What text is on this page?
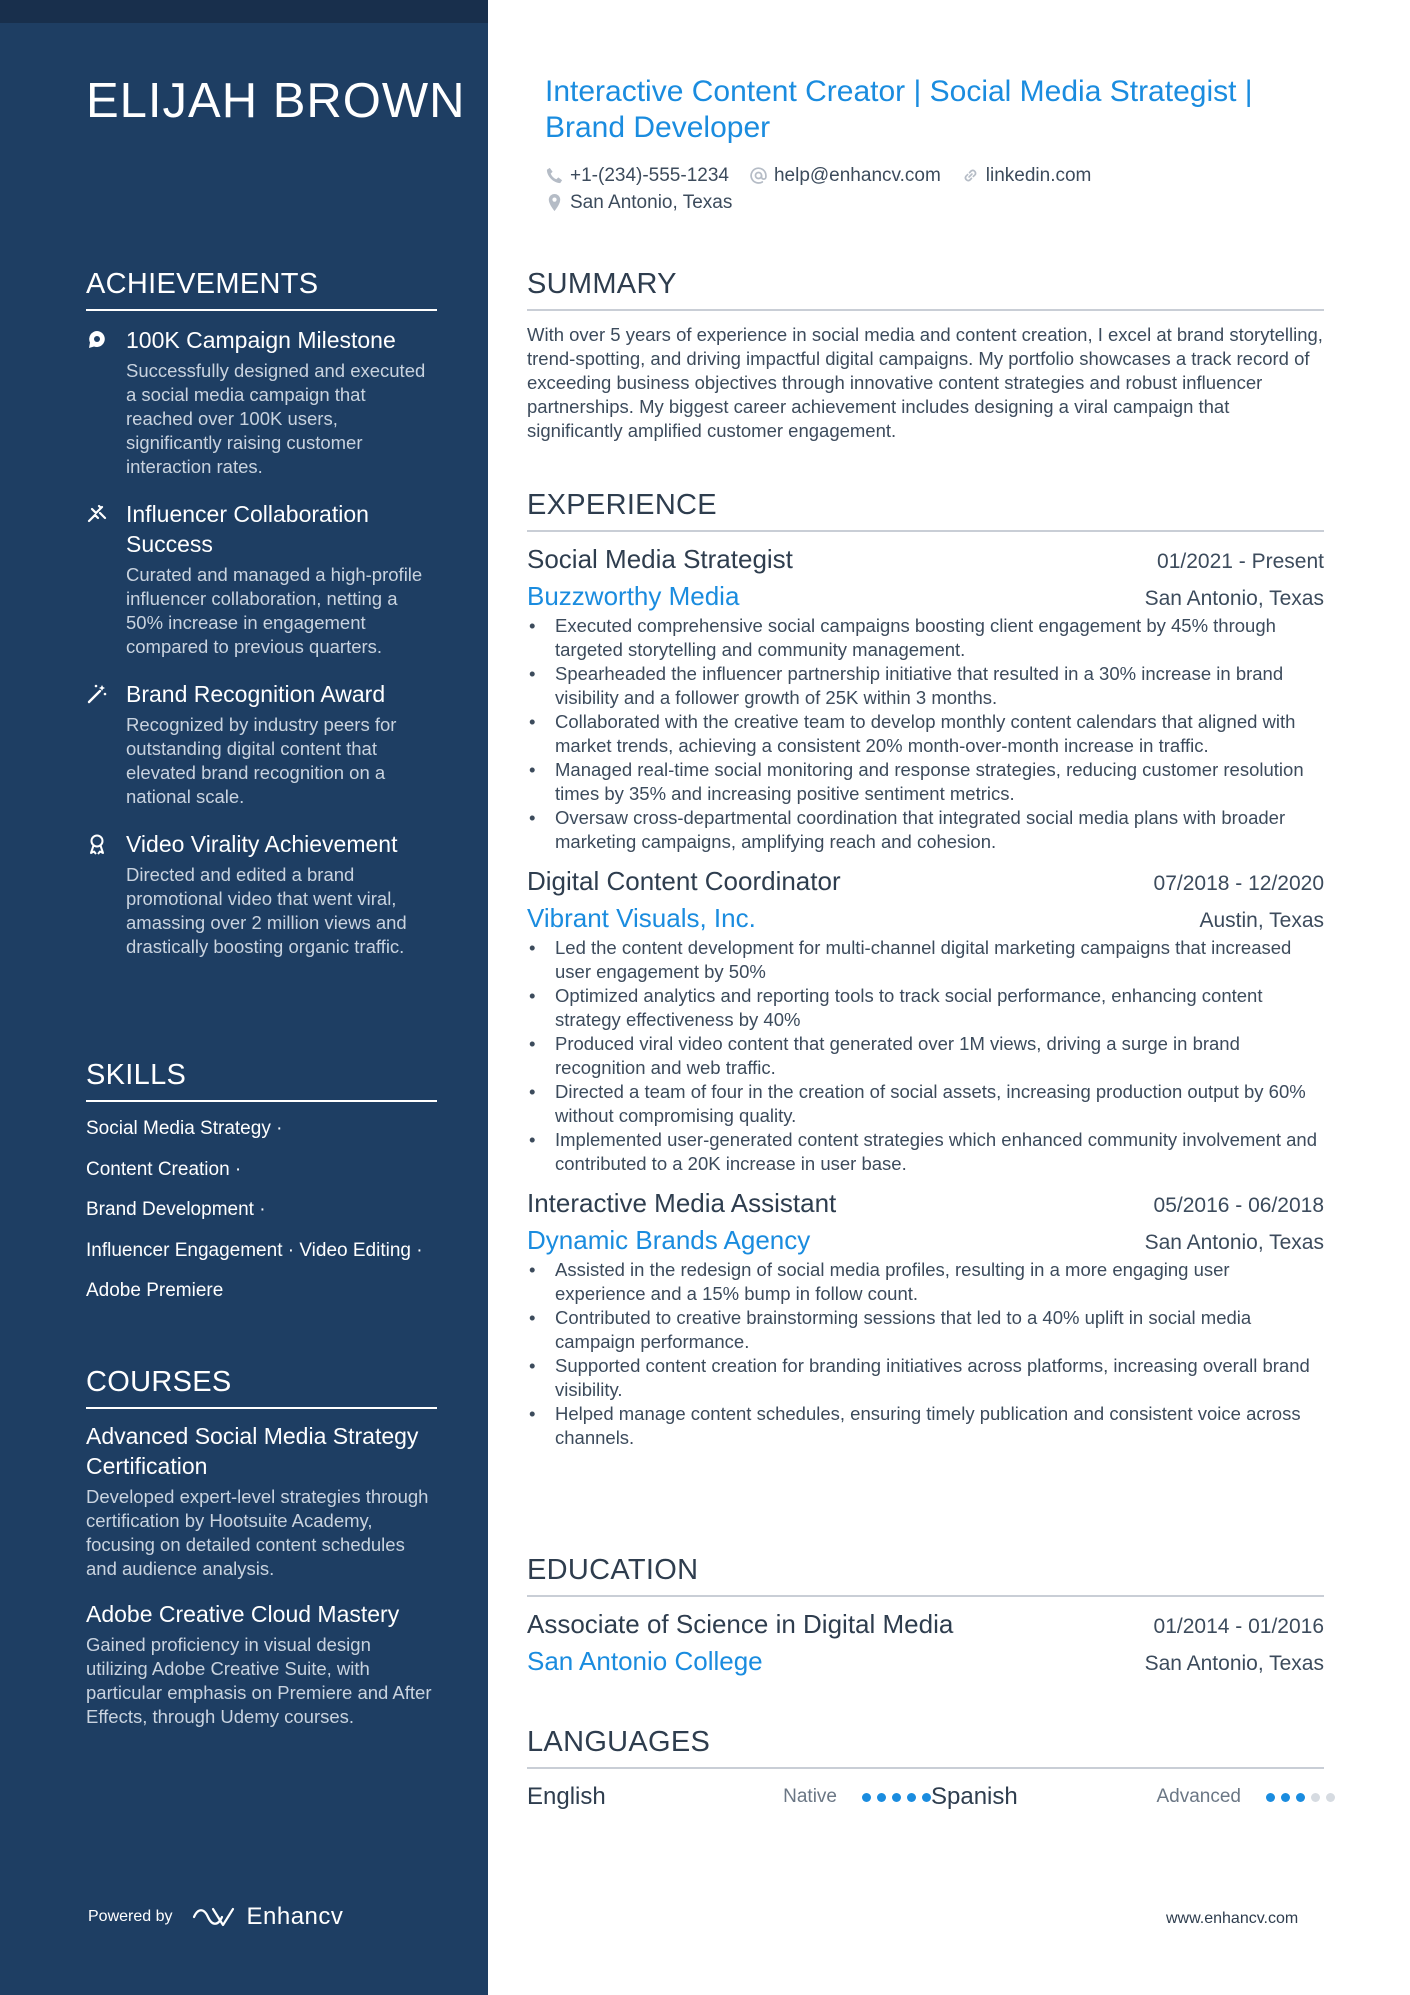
ELIJAH BROWN
ACHIEVEMENTS
100K Campaign Milestone
Successfully designed and executed a social media campaign that reached over 100K users, significantly raising customer interaction rates.
Influencer Collaboration Success
Curated and managed a high-profile influencer collaboration, netting a 50% increase in engagement compared to previous quarters.
Brand Recognition Award
Recognized by industry peers for outstanding digital content that elevated brand recognition on a national scale.
Video Virality Achievement
Directed and edited a brand promotional video that went viral, amassing over 2 million views and drastically boosting organic traffic.
SKILLS
Social Media Strategy ·
Content Creation ·
Brand Development ·
Influencer Engagement · Video Editing ·
Adobe Premiere
COURSES
Advanced Social Media Strategy Certification
Developed expert-level strategies through certification by Hootsuite Academy, focusing on detailed content schedules and audience analysis.
Adobe Creative Cloud Mastery
Gained proficiency in visual design utilizing Adobe Creative Suite, with particular emphasis on Premiere and After Effects, through Udemy courses.
Powered by	Enhancv
Interactive Content Creator | Social Media Strategist | Brand Developer
+1-(234)-555-1234 help@enhancv.com linkedin.com
San Antonio, Texas
SUMMARY
With over 5 years of experience in social media and content creation, I excel at brand storytelling, trend-spotting, and driving impactful digital campaigns. My portfolio showcases a track record of exceeding business objectives through innovative content strategies and robust influencer partnerships. My biggest career achievement includes designing a viral campaign that significantly amplified customer engagement.
EXPERIENCE
Social Media Strategist	01/2021 - Present
Buzzworthy Media	San Antonio, Texas
• Executed comprehensive social campaigns boosting client engagement by 45% through targeted storytelling and community management.
• Spearheaded the influencer partnership initiative that resulted in a 30% increase in brand visibility and a follower growth of 25K within 3 months.
• Collaborated with the creative team to develop monthly content calendars that aligned with market trends, achieving a consistent 20% month-over-month increase in traffic.
• Managed real-time social monitoring and response strategies, reducing customer resolution times by 35% and increasing positive sentiment metrics.
• Oversaw cross-departmental coordination that integrated social media plans with broader marketing campaigns, amplifying reach and cohesion.
Digital Content Coordinator	07/2018 - 12/2020
Vibrant Visuals, Inc.	Austin, Texas
• Led the content development for multi-channel digital marketing campaigns that increased user engagement by 50%
• Optimized analytics and reporting tools to track social performance, enhancing content strategy effectiveness by 40%
• Produced viral video content that generated over 1M views, driving a surge in brand recognition and web traffic.
• Directed a team of four in the creation of social assets, increasing production output by 60% without compromising quality.
• Implemented user-generated content strategies which enhanced community involvement and contributed to a 20K increase in user base.
Interactive Media Assistant	05/2016 - 06/2018
Dynamic Brands Agency	San Antonio, Texas
• Assisted in the redesign of social media profiles, resulting in a more engaging user experience and a 15% bump in follow count.
• Contributed to creative brainstorming sessions that led to a 40% uplift in social media campaign performance.
• Supported content creation for branding initiatives across platforms, increasing overall brand visibility.
• Helped manage content schedules, ensuring timely publication and consistent voice across channels.
EDUCATION
Associate of Science in Digital Media	01/2014 - 01/2016
San Antonio College	San Antonio, Texas
LANGUAGES
English	Native	Spanish	Advanced
www.enhancv.com
